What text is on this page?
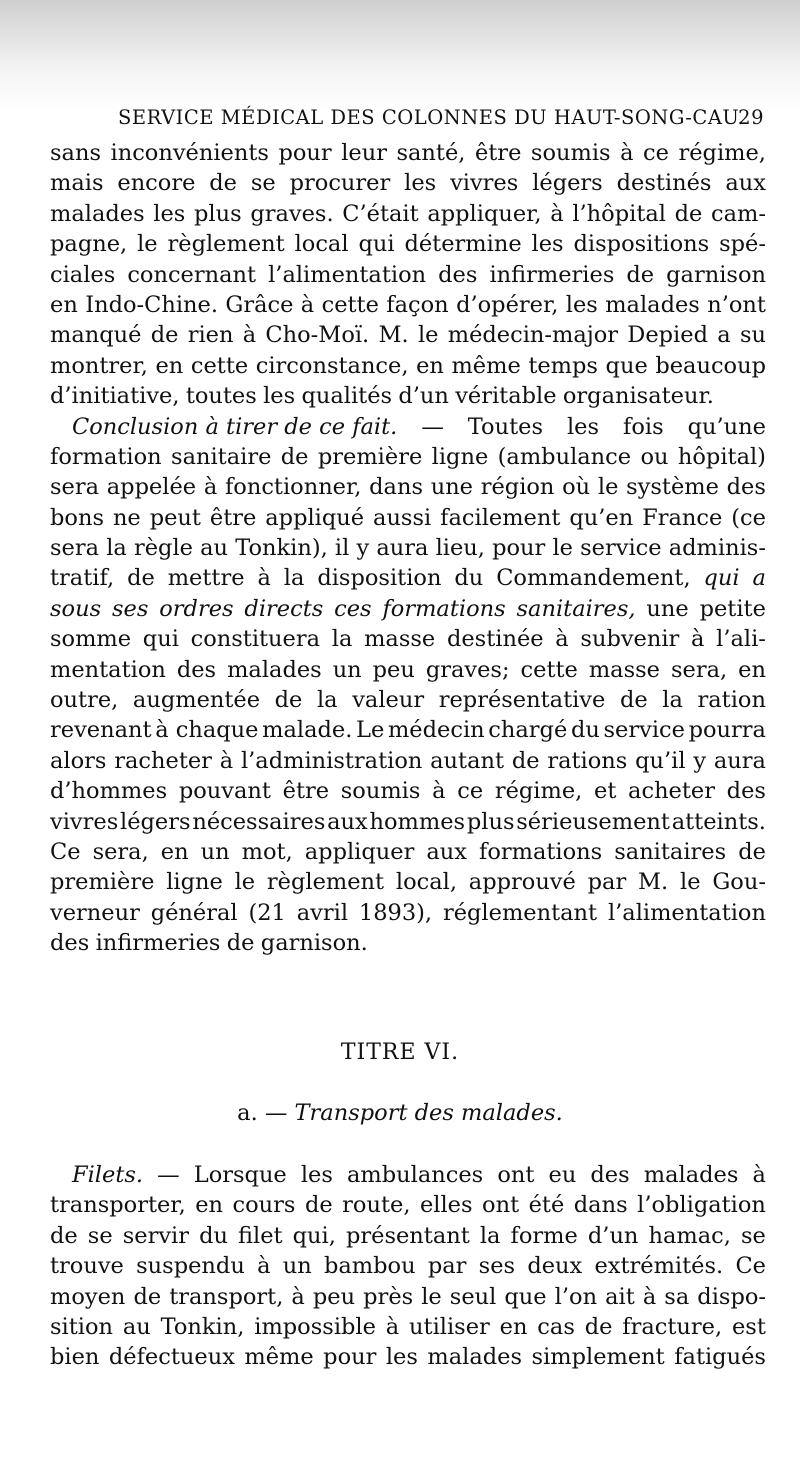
SERVICE MÉDICAL DES COLONNES DU HAUT-SONG-CAU.
29
sans inconvénients pour leur santé, être soumis à ce régime,
mais encore de se procurer les vivres légers destinés aux
malades les plus graves. C’était appliquer, à l’hôpital de cam-
pagne, le règlement local qui détermine les dispositions spé-
ciales concernant l’alimentation des infirmeries de garnison
en Indo-Chine. Grâce à cette façon d’opérer, les malades n’ont
manqué de rien à Cho-Moï. M. le médecin-major Depied a su
montrer, en cette circonstance, en même temps que beaucoup
d’initiative, toutes les qualités d’un véritable organisateur.
Conclusion à tirer de ce fait. — Toutes les fois qu’une
formation sanitaire de première ligne (ambulance ou hôpital)
sera appelée à fonctionner, dans une région où le système des
bons ne peut être appliqué aussi facilement qu’en France (ce
sera la règle au Tonkin), il y aura lieu, pour le service adminis-
tratif, de mettre à la disposition du Commandement, qui a
sous ses ordres directs ces formations sanitaires, une petite
somme qui constituera la masse destinée à subvenir à l’ali-
mentation des malades un peu graves; cette masse sera, en
outre, augmentée de la valeur représentative de la ration
revenant à chaque malade. Le médecin chargé du service pourra
alors racheter à l’administration autant de rations qu’il y aura
d’hommes pouvant être soumis à ce régime, et acheter des
vivres légers nécessaires aux hommes plus sérieusement atteints.
Ce sera, en un mot, appliquer aux formations sanitaires de
première ligne le règlement local, approuvé par M. le Gou-
verneur général (21 avril 1893), réglementant l’alimentation
des infirmeries de garnison.
TITRE VI.
a. — Transport des malades.
Filets. — Lorsque les ambulances ont eu des malades à
transporter, en cours de route, elles ont été dans l’obligation
de se servir du filet qui, présentant la forme d’un hamac, se
trouve suspendu à un bambou par ses deux extrémités. Ce
moyen de transport, à peu près le seul que l’on ait à sa dispo-
sition au Tonkin, impossible à utiliser en cas de fracture, est
bien défectueux même pour les malades simplement fatigués
